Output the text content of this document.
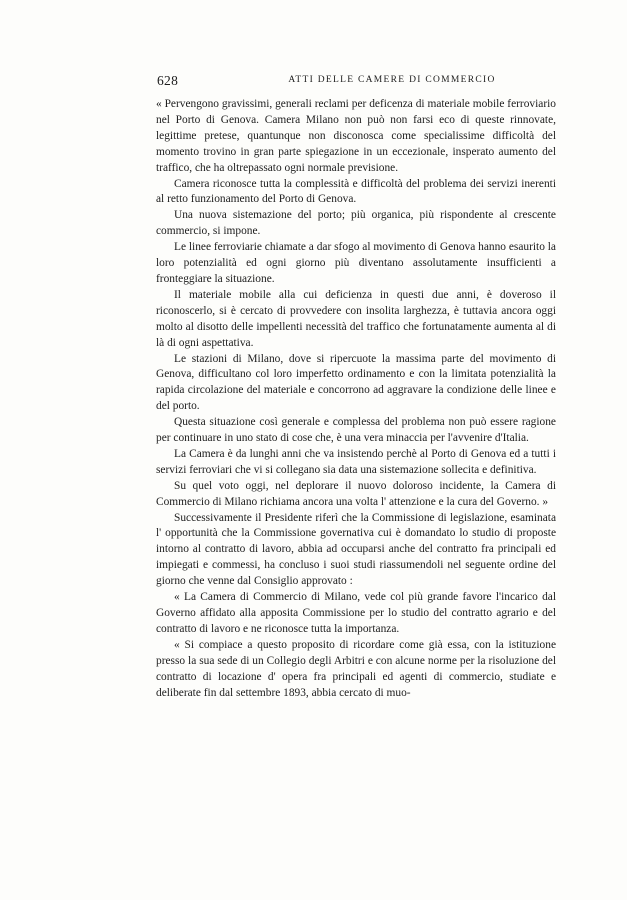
628	ATTI DELLE CAMERE DI COMMERCIO

« Pervengono gravissimi, generali reclami per deficenza di materiale mobile ferroviario nel Porto di Genova. Camera Milano non può non farsi eco di queste rinnovate, legittime pretese, quantunque non disconosca come specialissime difficoltà del momento trovino in gran parte spiegazione in un eccezionale, insperato aumento del traffico, che ha oltrepassato ogni normale previsione.

Camera riconosce tutta la complessità e difficoltà del problema dei servizi inerenti al retto funzionamento del Porto di Genova.

Una nuova sistemazione del porto; più organica, più rispondente al crescente commercio, si impone.

Le linee ferroviarie chiamate a dar sfogo al movimento di Genova hanno esaurito la loro potenzialità ed ogni giorno più diventano assolutamente insufficienti a fronteggiare la situazione.

Il materiale mobile alla cui deficienza in questi due anni, è doveroso il riconoscerlo, si è cercato di provvedere con insolita larghezza, è tuttavia ancora oggi molto al disotto delle impellenti necessità del traffico che fortunatamente aumenta al di là di ogni aspettativa.

Le stazioni di Milano, dove si ripercuote la massima parte del movimento di Genova, difficultano col loro imperfetto ordinamento e con la limitata potenzialità la rapida circolazione del materiale e concorrono ad aggravare la condizione delle linee e del porto.

Questa situazione così generale e complessa del problema non può essere ragione per continuare in uno stato di cose che, è una vera minaccia per l'avvenire d'Italia.

La Camera è da lunghi anni che va insistendo perchè al Porto di Genova ed a tutti i servizi ferroviari che vi si collegano sia data una sistemazione sollecita e definitiva.

Su quel voto oggi, nel deplorare il nuovo doloroso incidente, la Camera di Commercio di Milano richiama ancora una volta l' attenzione e la cura del Governo. »

Successivamente il Presidente riferì che la Commissione di legislazione, esaminata l' opportunità che la Commissione governativa cui è domandato lo studio di proposte intorno al contratto di lavoro, abbia ad occuparsi anche del contratto fra principali ed impiegati e commessi, ha concluso i suoi studi riassumendoli nel seguente ordine del giorno che venne dal Consiglio approvato :

« La Camera di Commercio di Milano, vede col più grande favore l'incarico dal Governo affidato alla apposita Commissione per lo studio del contratto agrario e del contratto di lavoro e ne riconosce tutta la importanza.

« Si compiace a questo proposito di ricordare come già essa, con la istituzione presso la sua sede di un Collegio degli Arbitri e con alcune norme per la risoluzione del contratto di locazione d' opera fra principali ed agenti di commercio, studiate e deliberate fin dal settembre 1893, abbia cercato di muo-
